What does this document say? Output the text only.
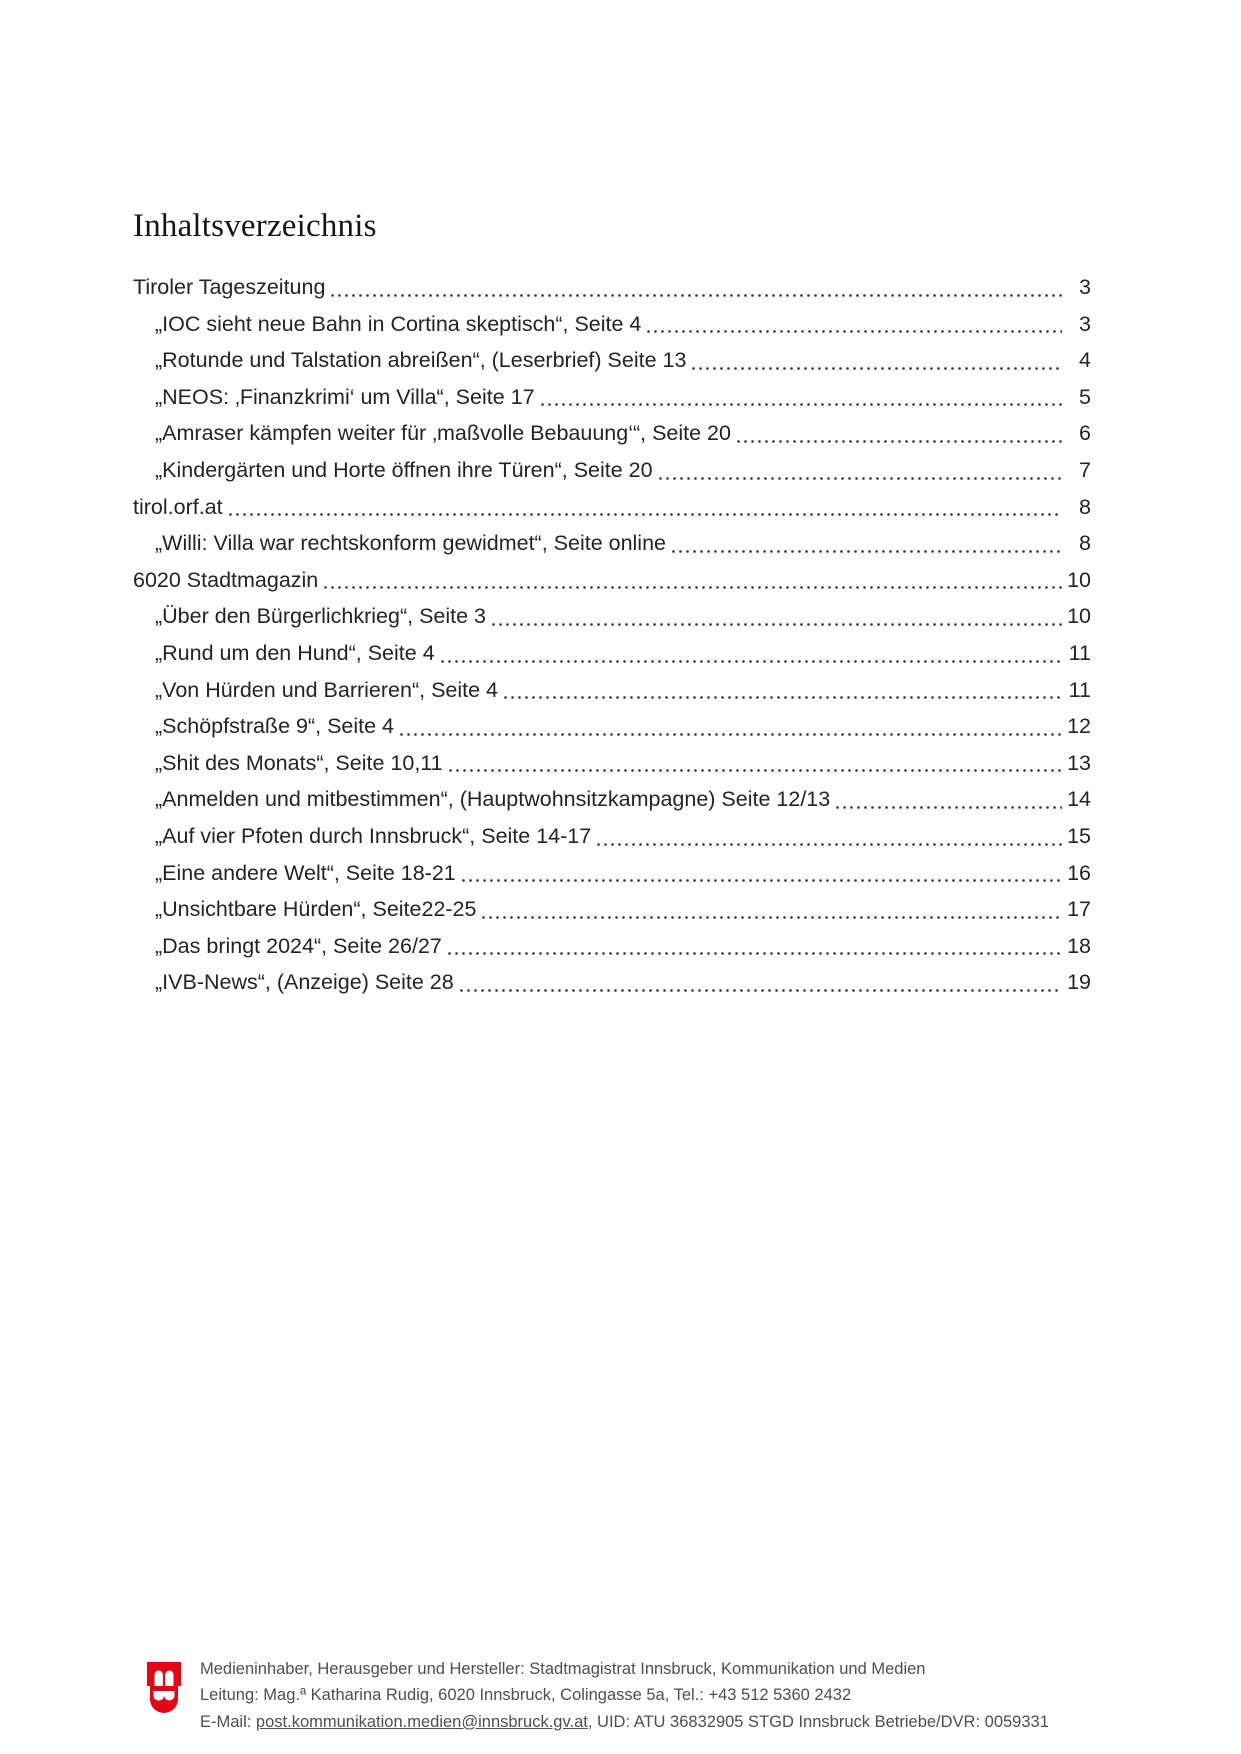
Inhaltsverzeichnis
Tiroler Tageszeitung	3
„IOC sieht neue Bahn in Cortina skeptisch“, Seite 4	3
„Rotunde und Talstation abreißen“, (Leserbrief) Seite 13	4
„NEOS: ‚Finanzkrimi‘ um Villa“, Seite 17	5
„Amraser kämpfen weiter für ‚maßvolle Bebauung‘“, Seite 20	6
„Kindergärten und Horte öffnen ihre Türen“, Seite 20	7
tirol.orf.at	8
„Willi: Villa war rechtskonform gewidmet“, Seite online	8
6020 Stadtmagazin	10
„Über den Bürgerlichkrieg“, Seite 3	10
„Rund um den Hund“, Seite 4	11
„Von Hürden und Barrieren“, Seite 4	11
„Schöpfstraße 9“, Seite 4	12
„Shit des Monats“, Seite 10,11	13
„Anmelden und mitbestimmen“, (Hauptwohnsitzkampagne) Seite 12/13	14
„Auf vier Pfoten durch Innsbruck“, Seite 14-17	15
„Eine andere Welt“, Seite 18-21	16
„Unsichtbare Hürden“, Seite22-25	17
„Das bringt 2024“, Seite 26/27	18
„IVB-News“, (Anzeige) Seite 28	19
Medieninhaber, Herausgeber und Hersteller: Stadtmagistrat Innsbruck, Kommunikation und Medien
Leitung: Mag.ª Katharina Rudig, 6020 Innsbruck, Colingasse 5a, Tel.: +43 512 5360 2432
E-Mail: post.kommunikation.medien@innsbruck.gv.at, UID: ATU 36832905 STGD Innsbruck Betriebe/DVR: 0059331
